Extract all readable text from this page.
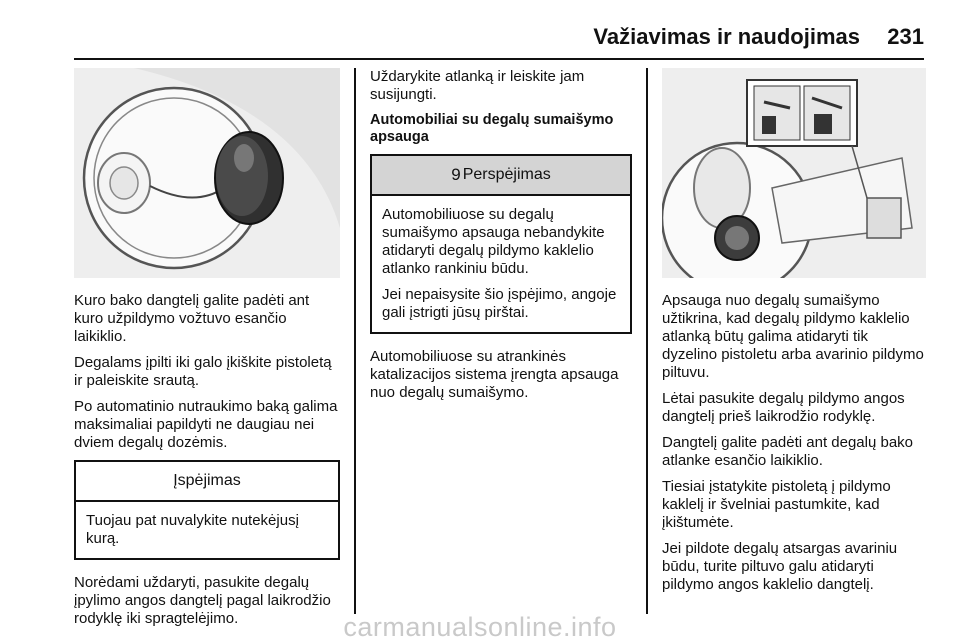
Važiavimas ir naudojimas 231

Kuro bako dangtelį galite padėti ant kuro užpildymo vožtuvo esančio laikiklio.

Degalams įpilti iki galo įkiškite pistoletą ir paleiskite srautą.

Po automatinio nutraukimo baką galima maksimaliai papildyti ne daugiau nei dviem degalų dozėmis.

Įspėjimas

Tuojau pat nuvalykite nutekėjusį kurą.

Norėdami uždaryti, pasukite degalų įpylimo angos dangtelį pagal laikrodžio rodyklę iki spragtelėjimo.

Uždarykite atlanką ir leiskite jam susijungti.

Automobiliai su degalų sumaišymo apsauga
9 Perspėjimas

Automobiliuose su degalų sumaišymo apsauga nebandykite atidaryti degalų pildymo kaklelio atlanko rankiniu būdu.

Jei nepaisysite šio įspėjimo, angoje gali įstrigti jūsų pirštai.

Automobiliuose su atrankinės katalizacijos sistema įrengta apsauga nuo degalų sumaišymo.

Apsauga nuo degalų sumaišymo užtikrina, kad degalų pildymo kaklelio atlanką būtų galima atidaryti tik dyzelino pistoletu arba avarinio pildymo piltuvu.

Lėtai pasukite degalų pildymo angos dangtelį prieš laikrodžio rodyklę.

Dangtelį galite padėti ant degalų bako atlanke esančio laikiklio.

Tiesiai įstatykite pistoletą į pildymo kaklelį ir švelniai pastumkite, kad įkištumėte.

Jei pildote degalų atsargas avariniu būdu, turite piltuvo galu atidaryti pildymo angos kaklelio dangtelį.

carmanualsonline.info
